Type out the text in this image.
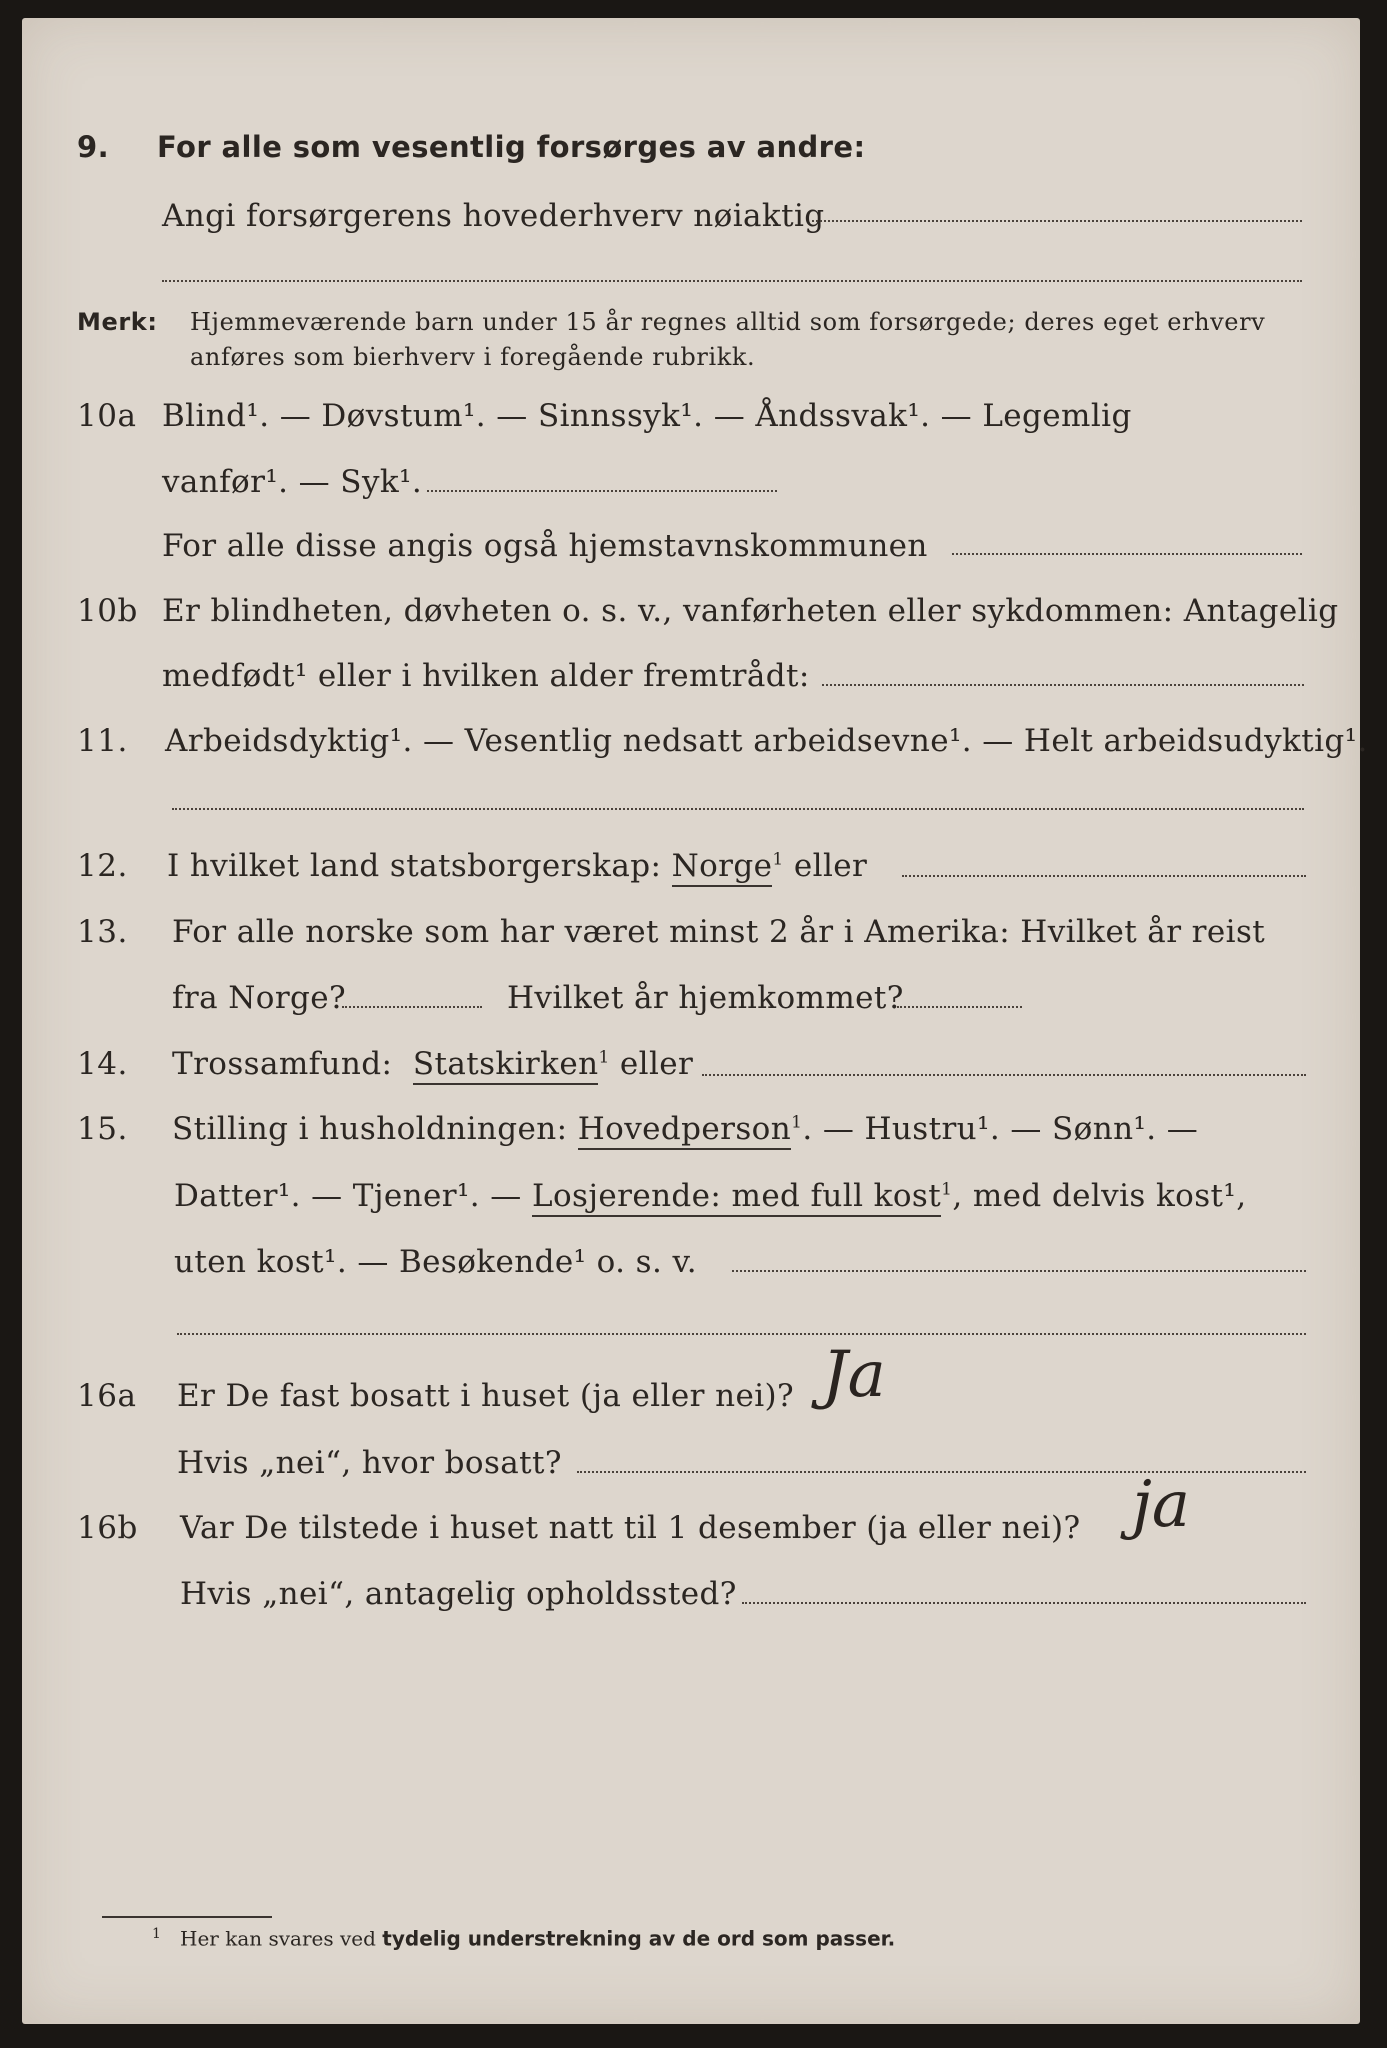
9. For alle som vesentlig forsørges av andre:
Angi forsørgerens hovederhverv nøiaktig
Merk: Hjemmeværende barn under 15 år regnes alltid som forsørgede; deres eget erhverv
anføres som bierhverv i foregående rubrikk.
10a Blind¹. — Døvstum¹. — Sinnssyk¹. — Åndssvak¹. — Legemlig
vanfør¹. — Syk¹.
For alle disse angis også hjemstavnskommunen
10b Er blindheten, døvheten o. s. v., vanførheten eller sykdommen: Antagelig
medfødt¹ eller i hvilken alder fremtrådt:
11. Arbeidsdyktig¹. — Vesentlig nedsatt arbeidsevne¹. — Helt arbeidsudyktig¹.
12. I hvilket land statsborgerskap: Norge$^1$ eller
13. For alle norske som har været minst 2 år i Amerika: Hvilket år reist
fra Norge?	Hvilket år hjemkommet?
14. Trossamfund: Statskirken$^1$ eller
15. Stilling i husholdningen: Hovedperson$^1$. — Hustru¹. — Sønn¹. —
Datter¹. — Tjener¹. — Losjerende: med full kost$^1$, med delvis kost¹,
uten kost¹. — Besøkende¹ o. s. v.
16a Er De fast bosatt i huset (ja eller nei)? Ja
Hvis „nei“, hvor bosatt?
16b Var De tilstede i huset natt til 1 desember (ja eller nei)? ja
Hvis „nei“, antagelig opholdssted?
$^1$ Her kan svares ved tydelig understrekning av de ord som passer.
